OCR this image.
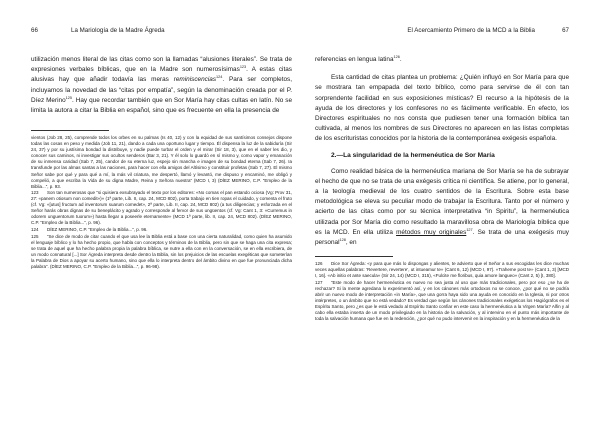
66	La Mariología de la Madre Ágreda

utilización menos literal de las citas como son la llamadas “alusiones literales”. Se trata de expresiones verbales bíblicas, que en la Madre son numerosísimas$^{123}$. A estas citas alusivas hay que añadir todavía las meras reminiscencias$^{124}$. Para ser completos, incluyamos la novedad de las “citas por empatía”, según la denominación creada por el P. Díez Merino$^{125}$. Hay que recordar también que en Sor María hay citas cultas en latín. No se limita la autora a citar la Biblia en español, sino que es frecuente en ella la presencia de

vientos (Job 28, 25), comprende todos los orbes en su palmas (Is 40, 12) y con la equidad de sus santísimos consejos dispone todas las cosas en peso y medida (Job 11, 21), dando a cada una oportuno lugar y tiempo. Él dispensa la luz de la sabiduría (Sir 24, 37) y por su justísima bondad la distribuye, y nadie puede turbar el orden y el mirar (Sir 18, 3), que en el saber les dio, y conocer sus caminos, ni investigar sus ocultos senderos (Bar 3, 21). Y él solo lo guardó en sí mismo y, como vapor y emanación de su inmensa caridad (Sab 7, 25), candor de su eterna luz, espejo sin mancha e imagen de su bondad eterna (Sab 7, 26). Ia transfunde por las almas santas a las naciones, para hacer con ella amigos del Altísimo y constituir profetas (Sab 7, 27). El mismo Señor sabe por qué y para qué a mí, la más vil criatura, me despertó, llamó y levantó, me dispuso y encaminó, me obligó y compelió, a que escriba la Vida de su digna Madre, Reina y Señora nuestra” (MCD I, 3) (DÍEZ MERINO, C.P. “Empleo de la Biblia...”, p. 93.

123 Son tan numerosas que “si quisiera exsubrayado el texto por los editores: «No comas el pan estando ociosa (Vg: Prov 31, 27: «panem otiosum non comedit»)» (1ª parte, Lib. II, cap. 24, MCD 802), porta trabajo en tien ropas el cuidado, y comenta el fruto (cf. Vg: «[utus] fructum ad inventorum suarum comedet», 2ª parte, Lib. II, cap. 24, MCD 802) (a tus diligencias; y esforzada en el Señor harás obras dignas de su beneplácito y agrado y corresponde al fervor de sus ungüentos (cf. Vg: Cant 1, 3: «Curremus in odorem unguentorum tuorum») hasta llegar a poseerle eternamente» (MCD 1ª parte, lib. II, cap. 24, MCD 802). (DÍEZ MERINO, C.P. “Empleo de la Biblia...”, p. 96).

124 DÍEZ MERINO, C.P. “Empleo de la Biblia...”, p. 96.

125 “Se dice de modo de citar cuando el que usa lee la Biblia está a base con una cierta naturalidad, como quien ha asumido el lenguaje bíblico y lo ha hecho propio, que habla con conceptos y términos de la Biblia, pero sin que se haga una cita expresa; se trata de aquel que ha hecho palabra propia la palabra bíblica, se nutre a ella con en la conversación, se en ella escribiera, de un modo connatural [...] Sor Ágreda interpreta desde dentro la Biblia, sin los prejuicios de las escuelas exegéticas que someterían la Palabra de Dios a apoyar su acerto humano, sino que ella lo interpreta dentro del ámbito divino en que fue pronunciada dicha palabra”. (DÍEZ MERINO, C.P. “Empleo de la Biblia...”, p. 96-98).

El Acercamiento Primero de la MCD a la Biblia	67

referencias en lengua latina$^{126}$.

Esta cantidad de citas plantea un problema: ¿Quién influyó en Sor María para que se mostrara tan empapada del texto bíblico, como para servirse de él con tan sorprendente facilidad en sus exposiciones místicas? El recurso a la hipótesis de la ayuda de los directores y los confesores no es fácilmente verificable. En efecto, los Directores espirituales no nos consta que pudiesen tener una formación bíblica tan cultivada, al menos los nombres de sus Directores no aparecen en las listas completas de los escrituristas conocidos por la historia de la contemporánea exégesis española.

2.—La singularidad de la hermenéutica de Sor María

Como realidad básica de la hermenéutica mariana de Sor María se ha de subrayar el hecho de que no se trata de una exégesis crítica ni científica. Se atiene, por lo general, a la teología medieval de los cuatro sentidos de la Escritura. Sobre esta base metodológica se eleva su peculiar modo de trabajar la Escritura. Tanto por el número y acierto de las citas como por su técnica interpretativa “in Spiritu”, la hermenéutica utilizada por Sor María dio como resultado la maravillosa obra de Mariología bíblica que es la MCD. En ella utiliza métodos muy originales$^{127}$. Se trata de una exégesis muy personal$^{128}$, en

126 Dice Sor Ágreda: «y para que más lo dispongas y alientes, te advierto que el Señor a sus escogidas les dice muchas veces aquellas palabras: ‘Revertere, revertere’, ut intueamur te» (Cant 6, 12) (MCD I, 97). «Traheme post te» (Cant 1, 3) [MCD I, 16]. «Ab initio et ante saecula» (Sir 24, 14) (MCD I, 315), «Fulcite me floribus, quia amore langueo» (Cant 2, 5) [I, 380].

127 “Este modo de hacer hermenéutica es nuevo no sea justa al uso que más tradicionales, pero por eso ¿se ha de rechazar? Si la mente agredana lo experimentó así, y en los cánones más ortodoxos no se conoce, ¿por qué no se podría abrir un nuevo modo de interpretación «in María», que una gorra haya sido una ayuda en conocido en la Iglesia, ni por otros intérpretes, o un ámbito que no está vedado? Es verdad que según los cánones tradicionales exégeticos los Hagiógrafos es el Espíritu Santo, pero ¿es que le está vedado al Espíritu Santo confiar en este caso la hermenéutica a la Virgen María? Alfin y al cabo ella estaba inserta de un modo privilegiado en la historia de la salvación, y al intervino en el punto más importante de toda la salvación humana que fue en la redención, ¿por qué no pudo intervenir en la inspiración y en la hermenéutica de la
